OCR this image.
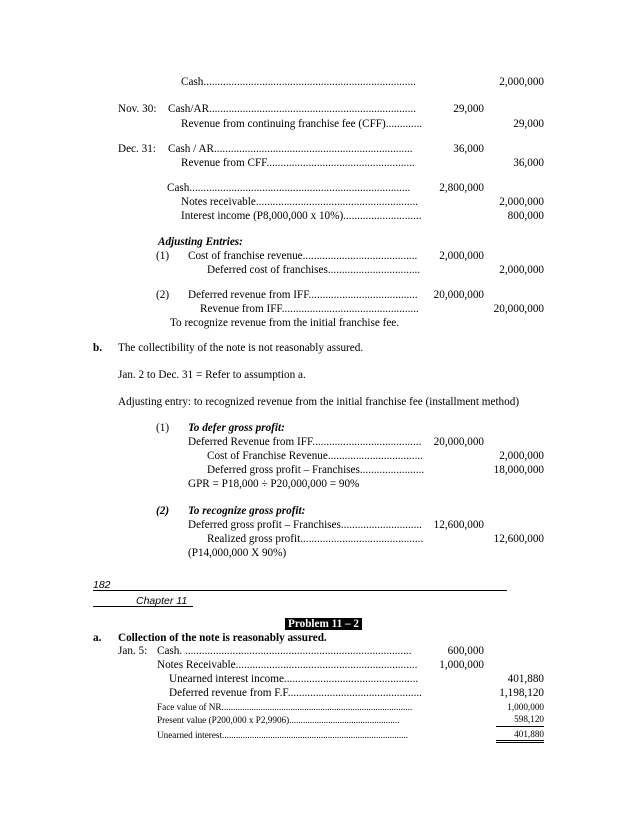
Cash............................................................................	2,000,000
Nov. 30: Cash/AR..........................................................................	29,000
Revenue from continuing franchise fee (CFF).............	29,000
Dec. 31: Cash / AR.......................................................................	36,000
Revenue from CFF.....................................................	36,000
Cash...............................................................................	2,800,000
Notes receivable..........................................................	2,000,000
Interest income (P8,000,000 x 10%)............................	800,000
Adjusting Entries:
(1) Cost of franchise revenue......................................... 2,000,000
Deferred cost of franchises.................................	2,000,000
(2) Deferred revenue from IFF....................................... 20,000,000
Revenue from IFF.................................................	20,000,000
To recognize revenue from the initial franchise fee.
b. The collectibility of the note is not reasonably assured.
Jan. 2 to Dec. 31 = Refer to assumption a.
Adjusting entry: to recognized revenue from the initial franchise fee (installment method)
(1) To defer gross profit:
Deferred Revenue from IFF....................................... 20,000,000
Cost of Franchise Revenue..................................	2,000,000
Deferred gross profit – Franchises.......................	18,000,000
GPR = P18,000 ÷ P20,000,000 = 90%
(2) To recognize gross profit:
Deferred gross profit – Franchises............................. 12,600,000
Realized gross profit............................................	12,600,000
(P14,000,000 X 90%)
182
Chapter 11
Problem 11 – 2
a. Collection of the note is reasonably assured.
Jan. 5: Cash. .................................................................................	600,000
Notes Receivable................................................................. 1,000,000
Unearned interest income................................................	401,880
Deferred revenue from F.F................................................	1,198,120
Face value of NR...................................................................................	1,000,000
Present value (P200,000 x P2,9906)................................................	598,120
Unearned interest.................................................................................	401,880
